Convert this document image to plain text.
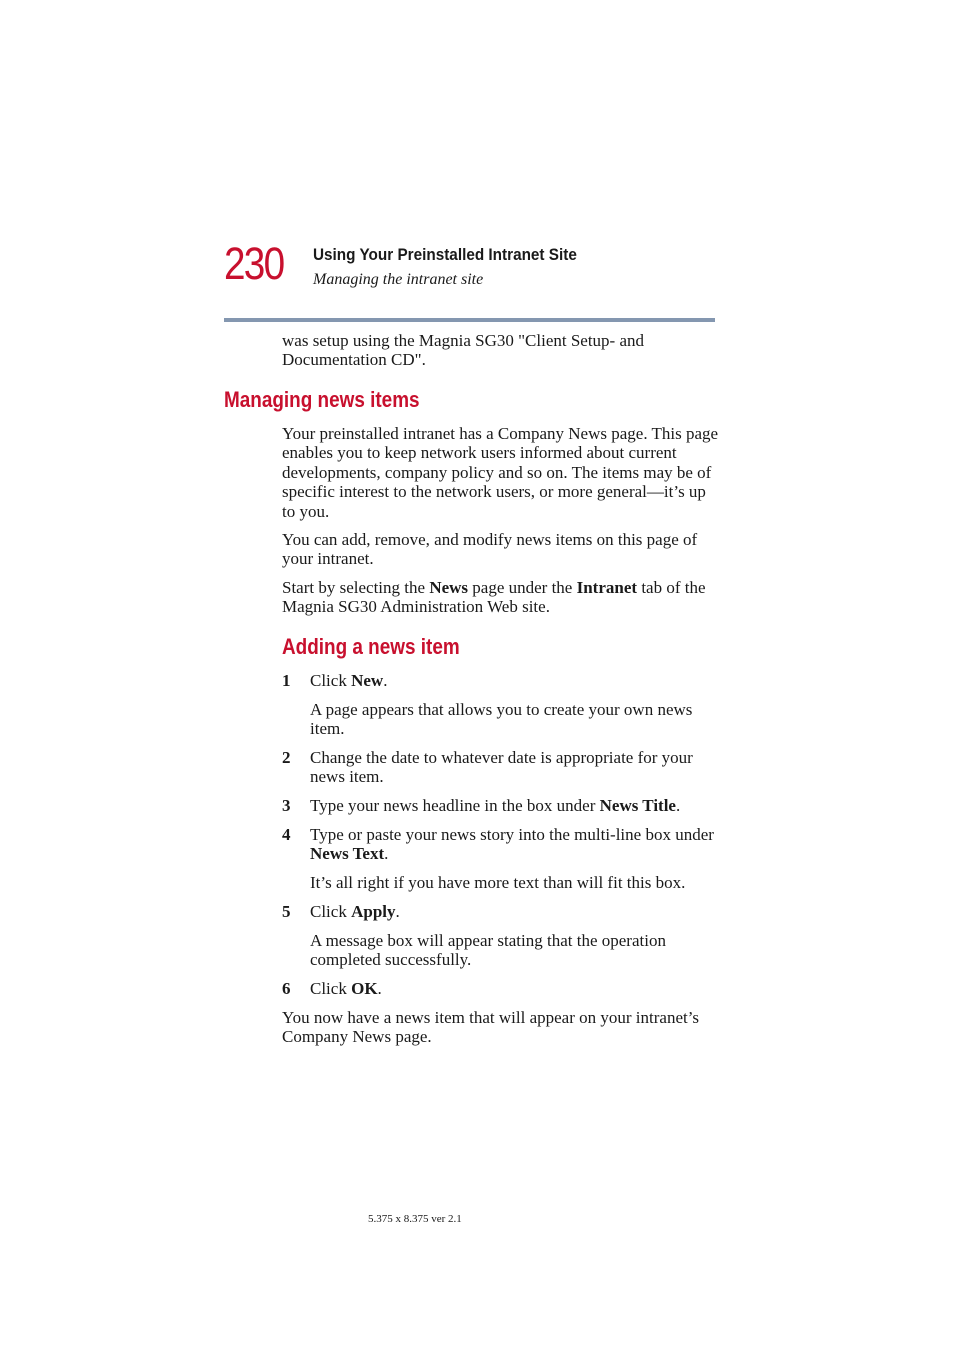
230 Using Your Preinstalled Intranet Site
Managing the intranet site
was setup using the Magnia SG30 "Client Setup- and Documentation CD".
Managing news items
Your preinstalled intranet has a Company News page. This page enables you to keep network users informed about current developments, company policy and so on. The items may be of specific interest to the network users, or more general—it’s up to you.
You can add, remove, and modify news items on this page of your intranet.
Start by selecting the News page under the Intranet tab of the Magnia SG30 Administration Web site.
Adding a news item
1 Click New.
A page appears that allows you to create your own news item.
2 Change the date to whatever date is appropriate for your news item.
3 Type your news headline in the box under News Title.
4 Type or paste your news story into the multi-line box under News Text.
It’s all right if you have more text than will fit this box.
5 Click Apply.
A message box will appear stating that the operation completed successfully.
6 Click OK.
You now have a news item that will appear on your intranet’s Company News page.
5.375 x 8.375 ver 2.1
